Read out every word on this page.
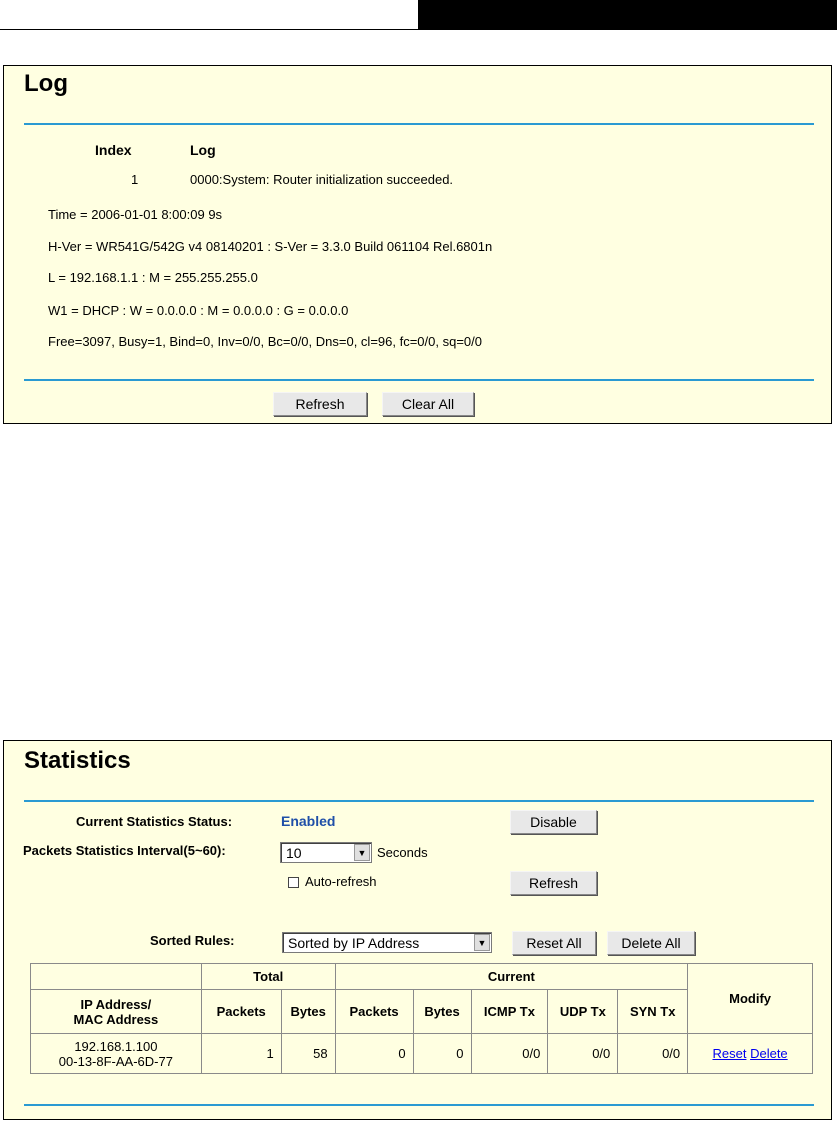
Log
Index	Log
1	0000:System: Router initialization succeeded.
Time = 2006-01-01 8:00:09 9s
H-Ver = WR541G/542G v4 08140201 : S-Ver = 3.3.0 Build 061104 Rel.6801n
L = 192.168.1.1 : M = 255.255.255.0
W1 = DHCP : W = 0.0.0.0 : M = 0.0.0.0 : G = 0.0.0.0
Free=3097, Busy=1, Bind=0, Inv=0/0, Bc=0/0, Dns=0, cl=96, fc=0/0, sq=0/0
Refresh	Clear All
Statistics
Current Statistics Status:	Enabled	Disable
Packets Statistics Interval(5~60):	10	▼ Seconds
Auto-refresh	Refresh
Sorted Rules:	Sorted by IP Address	▼	Reset All	Delete All
	Total		Current					Modify

IP Address/
MAC Address	Packets	Bytes	Packets	Bytes	ICMP Tx	UDP Tx	SYN Tx	

192.168.1.100
00-13-8F-AA-6D-77	1	58	0	0	0/0	0/0	0/0	Reset Delete
